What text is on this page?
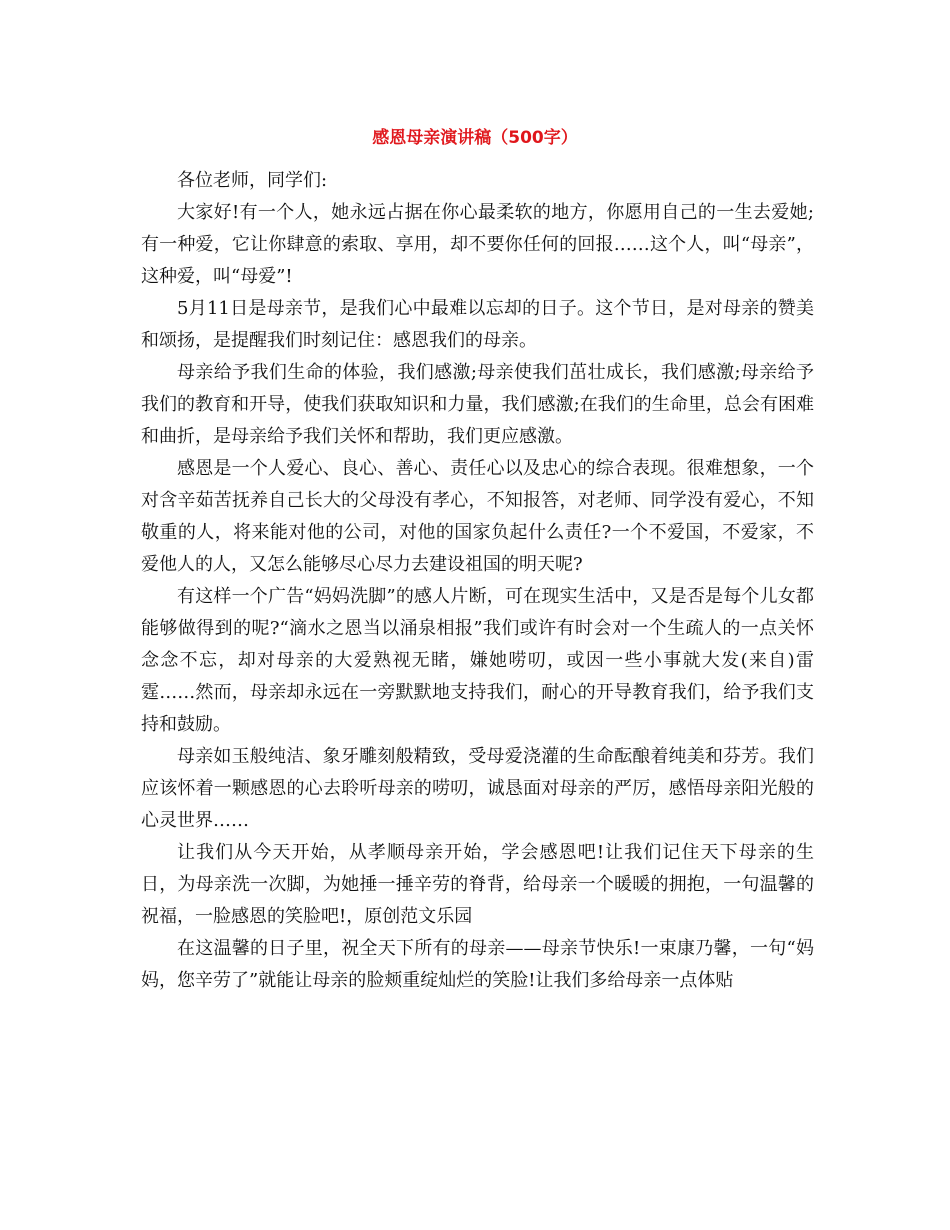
感恩母亲演讲稿（500字）

各位老师，同学们:

大家好!有一个人，她永远占据在你心最柔软的地方，你愿用自己的一生去爱她;有一种爱，它让你肆意的索取、享用，却不要你任何的回报……这个人，叫“母亲”，这种爱，叫“母爱”!

5月11日是母亲节，是我们心中最难以忘却的日子。这个节日，是对母亲的赞美和颂扬，是提醒我们时刻记住：感恩我们的母亲。

母亲给予我们生命的体验，我们感激;母亲使我们茁壮成长，我们感激;母亲给予我们的教育和开导，使我们获取知识和力量，我们感激;在我们的生命里，总会有困难和曲折，是母亲给予我们关怀和帮助，我们更应感激。

感恩是一个人爱心、良心、善心、责任心以及忠心的综合表现。很难想象，一个对含辛茹苦抚养自己长大的父母没有孝心，不知报答，对老师、同学没有爱心，不知敬重的人，将来能对他的公司，对他的国家负起什么责任?一个不爱国，不爱家，不爱他人的人，又怎么能够尽心尽力去建设祖国的明天呢?

有这样一个广告“妈妈洗脚”的感人片断，可在现实生活中，又是否是每个儿女都能够做得到的呢?“滴水之恩当以涌泉相报”我们或许有时会对一个生疏人的一点关怀念念不忘，却对母亲的大爱熟视无睹，嫌她唠叨，或因一些小事就大发(来自)雷霆……然而，母亲却永远在一旁默默地支持我们，耐心的开导教育我们，给予我们支持和鼓励。

母亲如玉般纯洁、象牙雕刻般精致，受母爱浇灌的生命酝酿着纯美和芬芳。我们应该怀着一颗感恩的心去聆听母亲的唠叨，诚恳面对母亲的严厉，感悟母亲阳光般的心灵世界……

让我们从今天开始，从孝顺母亲开始，学会感恩吧!让我们记住天下母亲的生日，为母亲洗一次脚，为她捶一捶辛劳的脊背，给母亲一个暖暖的拥抱，一句温馨的祝福，一脸感恩的笑脸吧!，原创范文乐园

在这温馨的日子里，祝全天下所有的母亲——母亲节快乐!一束康乃馨，一句“妈妈，您辛劳了”就能让母亲的脸颊重绽灿烂的笑脸!让我们多给母亲一点体贴
